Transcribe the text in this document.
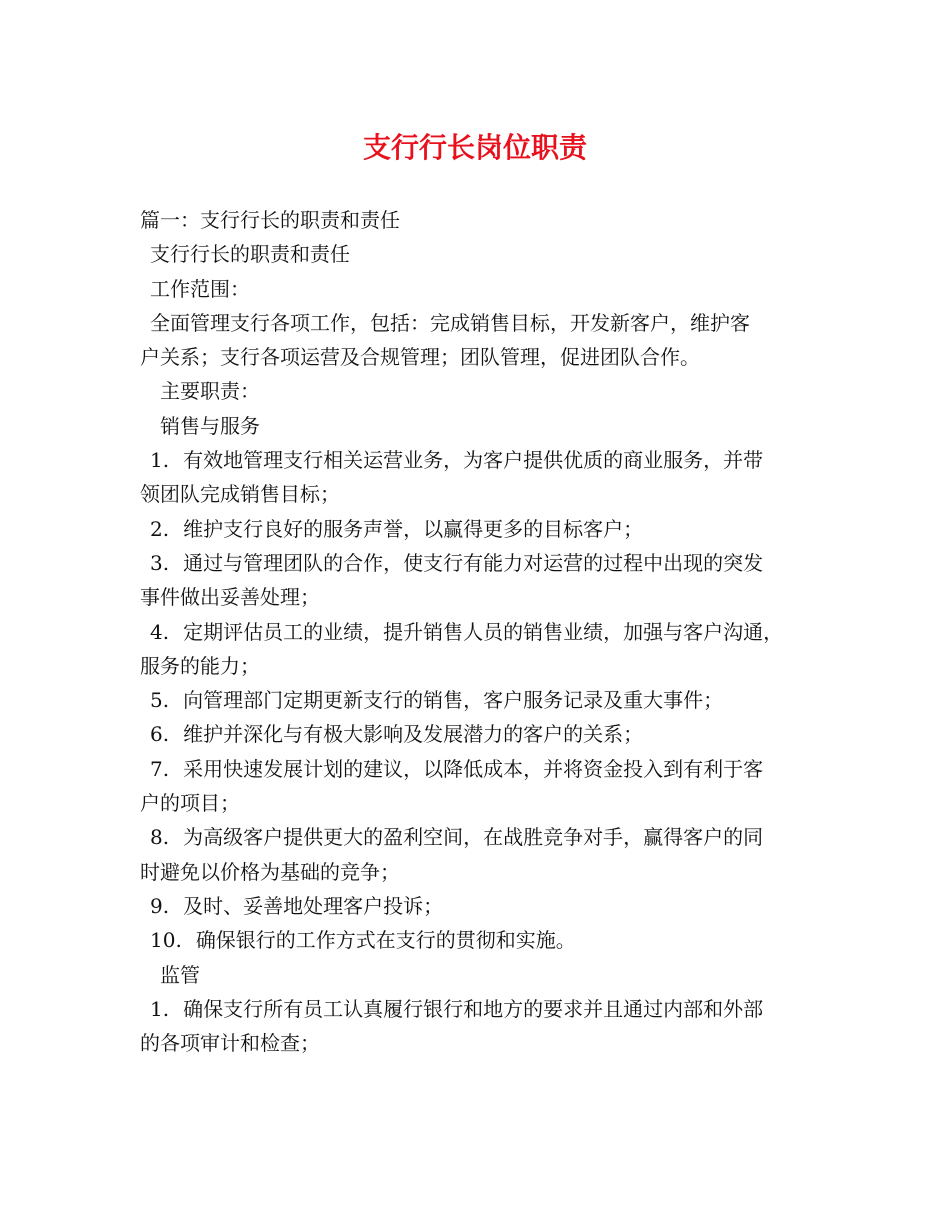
支行行长岗位职责
篇一：支行行长的职责和责任
支行行长的职责和责任
工作范围：
全面管理支行各项工作，包括：完成销售目标，开发新客户，维护客
户关系；支行各项运营及合规管理；团队管理，促进团队合作。
主要职责：
销售与服务
1. 有效地管理支行相关运营业务，为客户提供优质的商业服务，并带
领团队完成销售目标；
2. 维护支行良好的服务声誉，以赢得更多的目标客户；
3. 通过与管理团队的合作，使支行有能力对运营的过程中出现的突发
事件做出妥善处理；
4. 定期评估员工的业绩，提升销售人员的销售业绩，加强与客户沟通，
服务的能力；
5. 向管理部门定期更新支行的销售，客户服务记录及重大事件；
6. 维护并深化与有极大影响及发展潜力的客户的关系；
7. 采用快速发展计划的建议，以降低成本，并将资金投入到有利于客
户的项目；
8. 为高级客户提供更大的盈利空间，在战胜竞争对手，赢得客户的同
时避免以价格为基础的竞争；
9. 及时、妥善地处理客户投诉；
10. 确保银行的工作方式在支行的贯彻和实施。
监管
1. 确保支行所有员工认真履行银行和地方的要求并且通过内部和外部
的各项审计和检查；
